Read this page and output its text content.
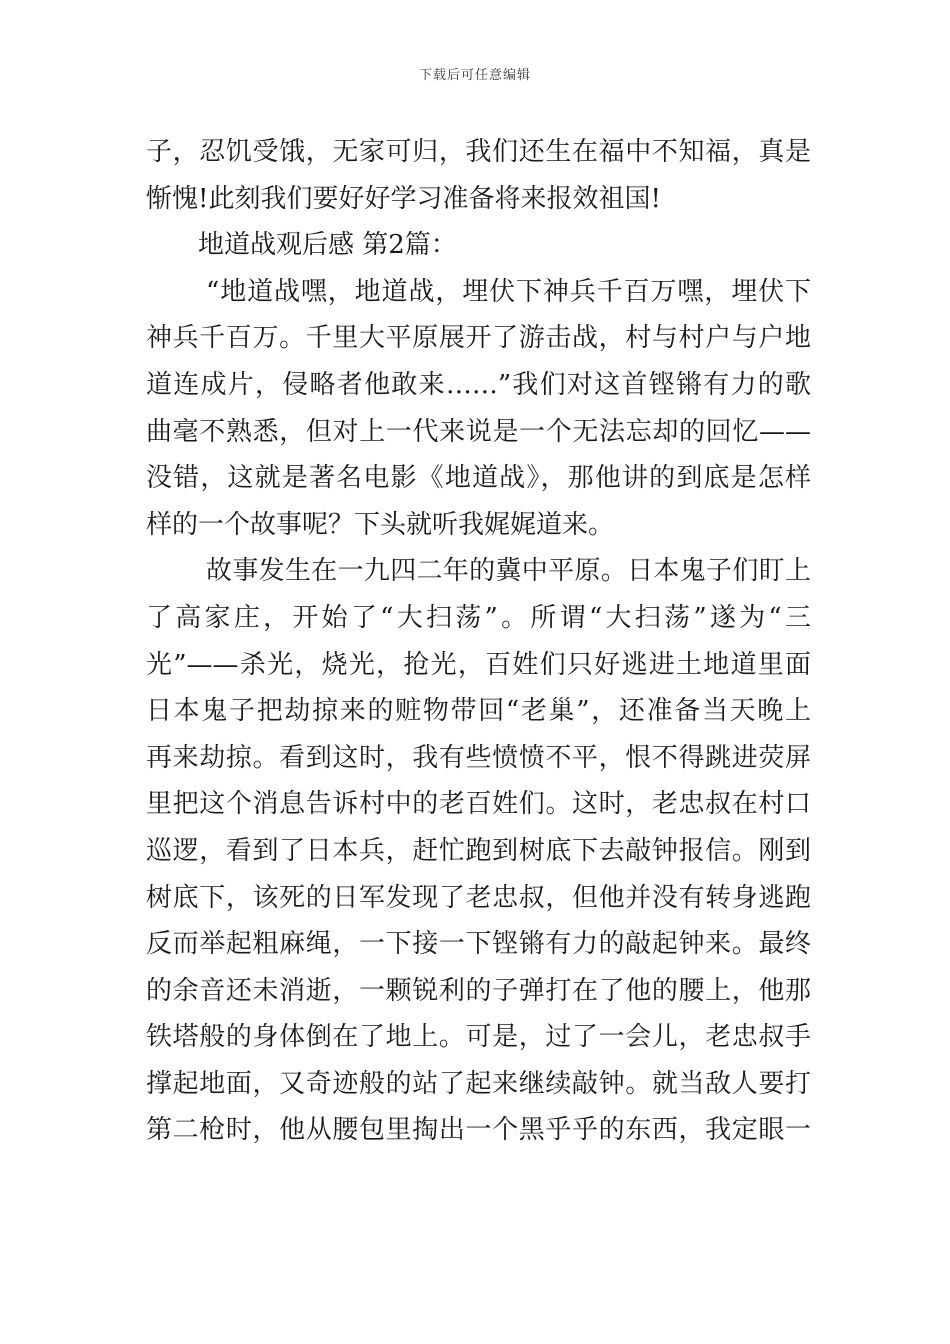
下载后可任意编辑
子，忍饥受饿，无家可归，我们还生在福中不知福，真是
惭愧!此刻我们要好好学习准备将来报效祖国!
地道战观后感 第2篇：
“地道战嘿，地道战，埋伏下神兵千百万嘿，埋伏下
神兵千百万。千里大平原展开了游击战，村与村户与户地
道连成片，侵略者他敢来……”我们对这首铿锵有力的歌
曲毫不熟悉，但对上一代来说是一个无法忘却的回忆——
没错，这就是著名电影《地道战》，那他讲的到底是怎样
样的一个故事呢？下头就听我娓娓道来。
故事发生在一九四二年的冀中平原。日本鬼子们盯上
了高家庄，开始了“大扫荡”。所谓“大扫荡”遂为“三
光”——杀光，烧光，抢光，百姓们只好逃进土地道里面
日本鬼子把劫掠来的赃物带回“老巢”，还准备当天晚上
再来劫掠。看到这时，我有些愤愤不平，恨不得跳进荧屏
里把这个消息告诉村中的老百姓们。这时，老忠叔在村口
巡逻，看到了日本兵，赶忙跑到树底下去敲钟报信。刚到
树底下，该死的日军发现了老忠叔，但他并没有转身逃跑
反而举起粗麻绳，一下接一下铿锵有力的敲起钟来。最终
的余音还未消逝，一颗锐利的子弹打在了他的腰上，他那
铁塔般的身体倒在了地上。可是，过了一会儿，老忠叔手
撑起地面，又奇迹般的站了起来继续敲钟。就当敌人要打
第二枪时，他从腰包里掏出一个黑乎乎的东西，我定眼一
